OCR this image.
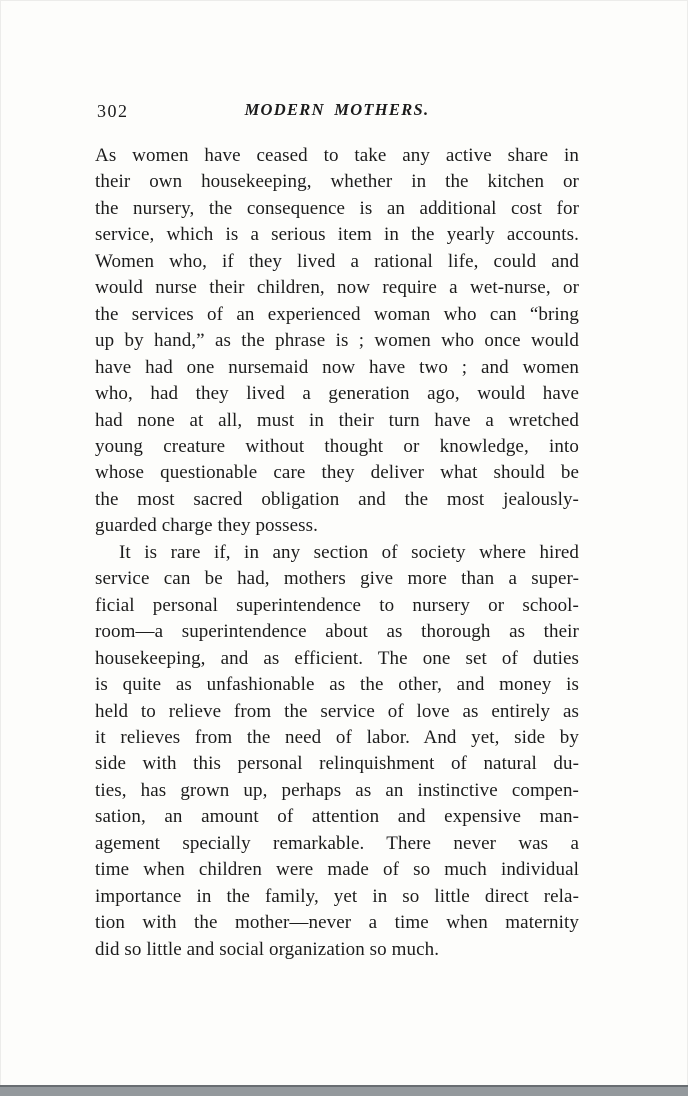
302	MODERN MOTHERS.
As women have ceased to take any active share in
their own housekeeping, whether in the kitchen or
the nursery, the consequence is an additional cost for
service, which is a serious item in the yearly accounts.
Women who, if they lived a rational life, could and
would nurse their children, now require a wet-nurse, or
the services of an experienced woman who can “bring
up by hand,” as the phrase is ; women who once would
have had one nursemaid now have two ; and women
who, had they lived a generation ago, would have
had none at all, must in their turn have a wretched
young creature without thought or knowledge, into
whose questionable care they deliver what should be
the most sacred obligation and the most jealously-
guarded charge they possess.
It is rare if, in any section of society where hired
service can be had, mothers give more than a super-
ficial personal superintendence to nursery or school-
room—a superintendence about as thorough as their
housekeeping, and as efficient. The one set of duties
is quite as unfashionable as the other, and money is
held to relieve from the service of love as entirely as
it relieves from the need of labor. And yet, side by
side with this personal relinquishment of natural du-
ties, has grown up, perhaps as an instinctive compen-
sation, an amount of attention and expensive man-
agement specially remarkable. There never was a
time when children were made of so much individual
importance in the family, yet in so little direct rela-
tion with the mother—never a time when maternity
did so little and social organization so much.
